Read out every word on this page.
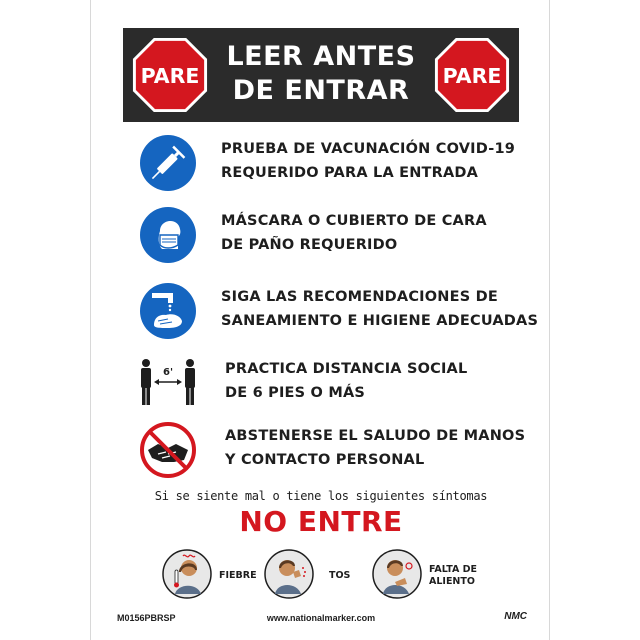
PARE
LEER ANTES
DE ENTRAR	PARE
PRUEBA DE VACUNACIÓN COVID-19
REQUERIDO PARA LA ENTRADA
MÁSCARA O CUBIERTO DE CARA
DE PAÑO REQUERIDO
SIGA LAS RECOMENDACIONES DE
SANEAMIENTO E HIGIENE ADECUADAS
6'	PRACTICA DISTANCIA SOCIAL
DE 6 PIES O MÁS
ABSTENERSE EL SALUDO DE MANOS
Y CONTACTO PERSONAL
Si se siente mal o tiene los siguientes síntomas
NO ENTRE
FIEBRE	TOS
FALTA DE
ALIENTO
M0156PBRSP	www.nationalmarker.com	NMC
